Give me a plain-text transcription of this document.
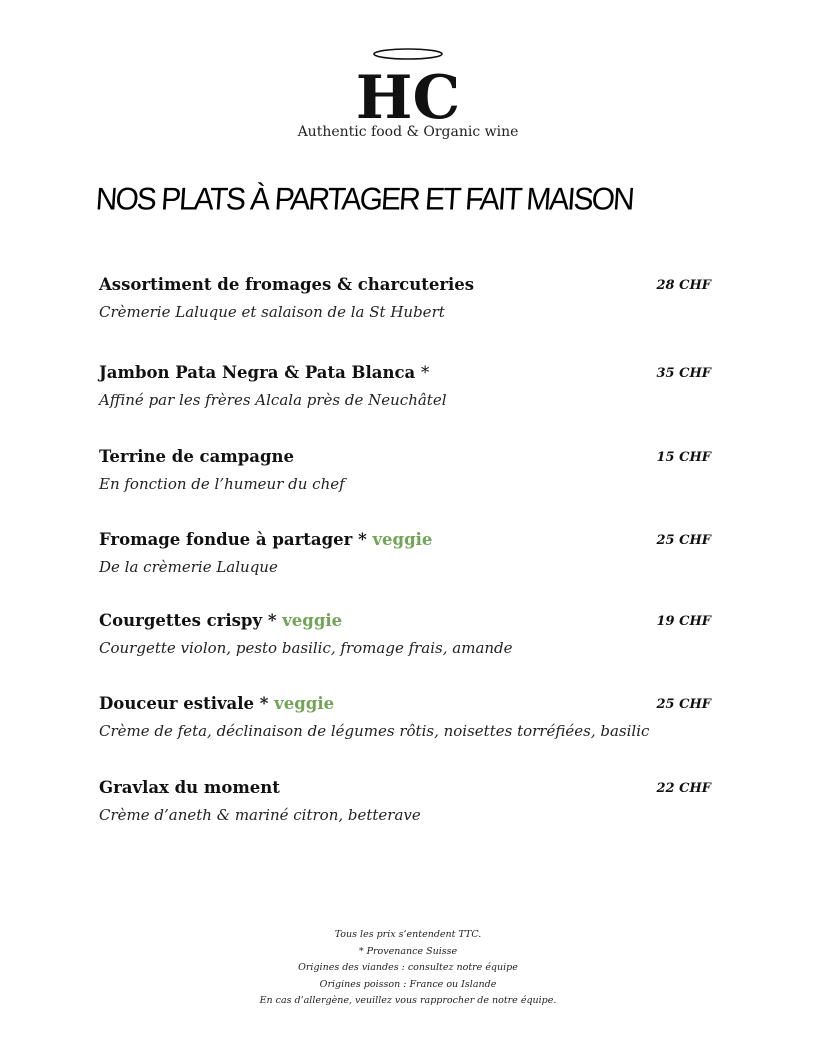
HC
Authentic food & Organic wine
NOS PLATS À PARTAGER ET FAIT MAISON
Assortiment de fromages & charcuteries
Crèmerie Laluque et salaison de la St Hubert
28 CHF
Jambon Pata Negra & Pata Blanca *
Affiné par les frères Alcala près de Neuchâtel
35 CHF
Terrine de campagne
En fonction de l’humeur du chef
15 CHF
Fromage fondue à partager * veggie
De la crèmerie Laluque
25 CHF
Courgettes crispy * veggie
Courgette violon, pesto basilic, fromage frais, amande
19 CHF
Douceur estivale * veggie
Crème de feta, déclinaison de légumes rôtis, noisettes torréfiées, basilic
25 CHF
Gravlax du moment
Crème d’aneth & mariné citron, betterave
22 CHF
Tous les prix s’entendent TTC.
* Provenance Suisse
Origines des viandes : consultez notre équipe
Origines poisson : France ou Islande
En cas d’allergène, veuillez vous rapprocher de notre équipe.
